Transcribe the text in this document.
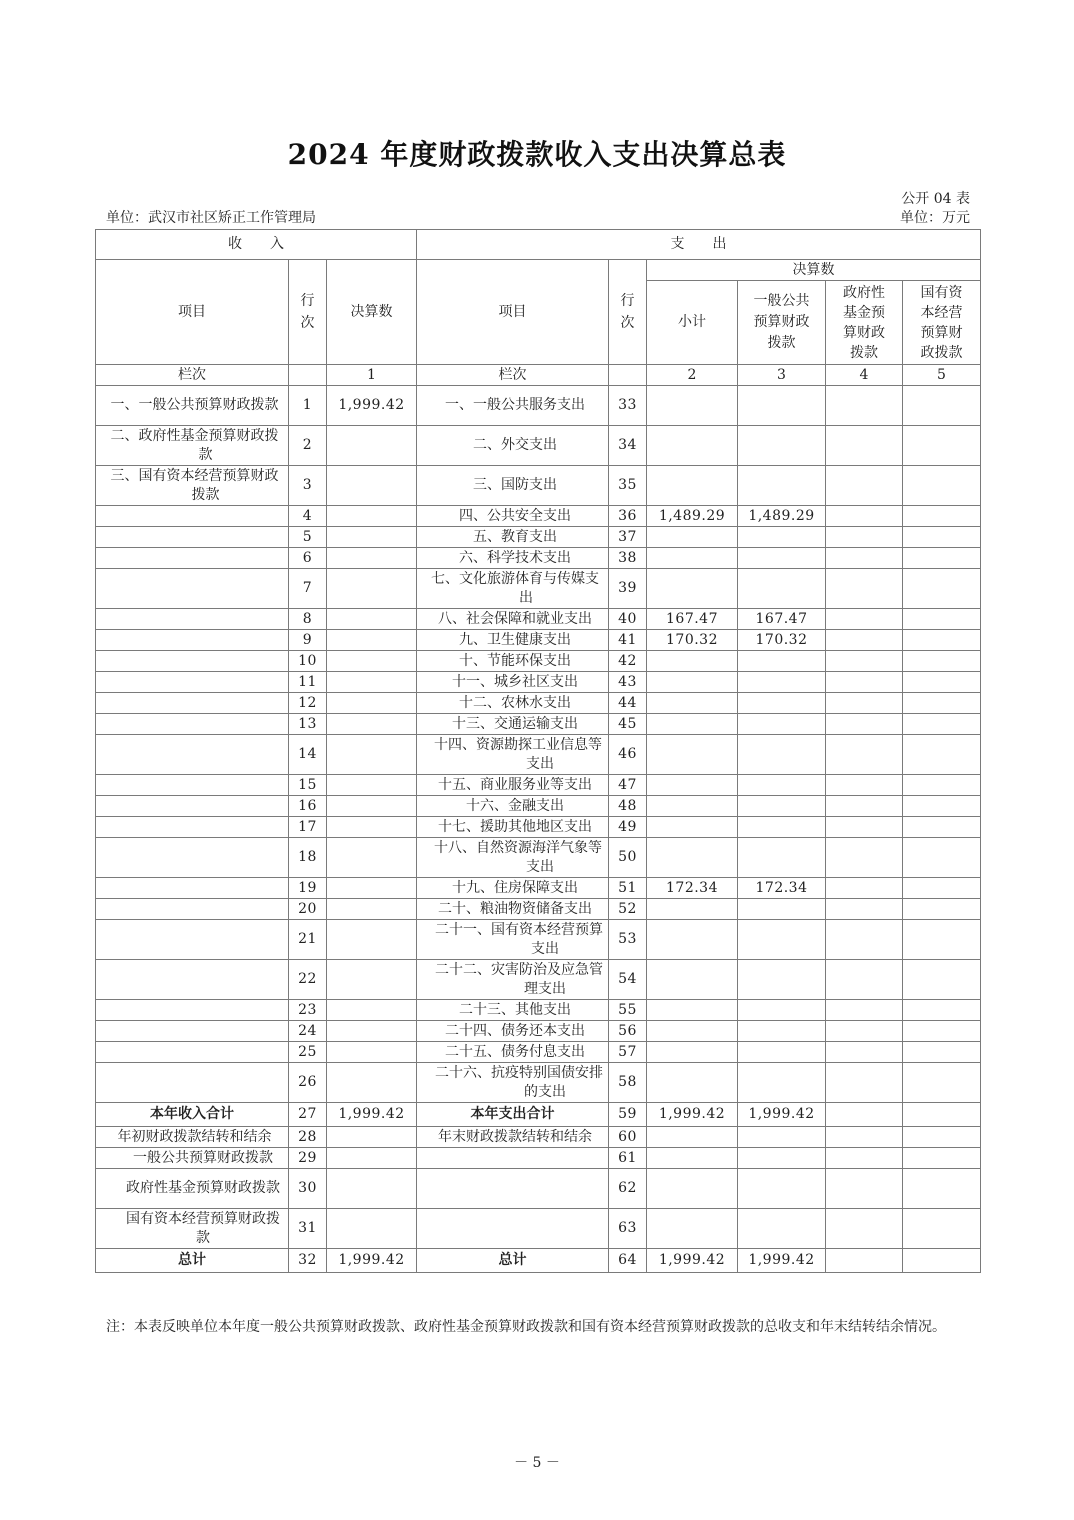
2024 年度财政拨款收入支出决算总表
公开 04 表
单位：武汉市社区矫正工作管理局	单位：万元
收　　入			支　　出					
项目	行次	决算数	项目	行次	决算数			
					小计	一般公共预算财政拨款	政府性基金预算财政拨款	国有资本经营预算财政拨款
栏次		1	栏次		2	3	4	5

一、一般公共预算财政拨款	1	1,999.42	一、一般公共服务支出	33				

二、政府性基金预算财政拨款	2		二、外交支出	34				

三、国有资本经营预算财政拨款	3		三、国防支出	35				

	4		四、公共安全支出	36	1,489.29	1,489.29		

	5		五、教育支出	37				

	6		六、科学技术支出	38				

	7		七、文化旅游体育与传媒支出	39				

	8		八、社会保障和就业支出	40	167.47	167.47		

	9		九、卫生健康支出	41	170.32	170.32		

	10		十、节能环保支出	42				

	11		十一、城乡社区支出	43				

	12		十二、农林水支出	44				

	13		十三、交通运输支出	45				

	14		十四、资源勘探工业信息等支出	46				

	15		十五、商业服务业等支出	47				

	16		十六、金融支出	48				

	17		十七、援助其他地区支出	49				

	18		十八、自然资源海洋气象等支出	50				

	19		十九、住房保障支出	51	172.34	172.34		

	20		二十、粮油物资储备支出	52				

	21		二十一、国有资本经营预算支出	53				

	22		二十二、灾害防治及应急管理支出	54				

	23		二十三、其他支出	55				

	24		二十四、债务还本支出	56				

	25		二十五、债务付息支出	57				

	26		二十六、抗疫特别国债安排的支出	58				
本年收入合计	27	1,999.42	本年支出合计	59	1,999.42	1,999.42		
年初财政拨款结转和结余	28		年末财政拨款结转和结余	60				
一般公共预算财政拨款	29			61				
政府性基金预算财政拨款	30			62				
国有资本经营预算财政拨款	31			63				
总计	32	1,999.42	总计	64	1,999.42	1,999.42		
注：本表反映单位本年度一般公共预算财政拨款、政府性基金预算财政拨款和国有资本经营预算财政拨款的总收支和年末结转结余情况。
－ 5 －
